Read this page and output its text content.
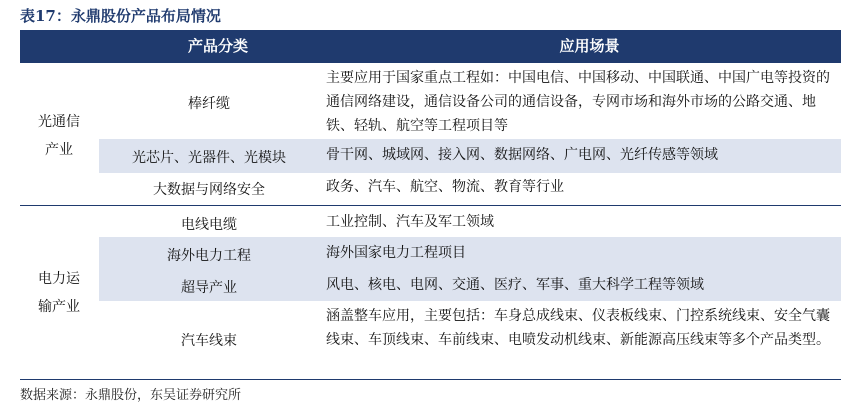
表17：永鼎股份产品布局情况
产品分类	应用场景
光通信
产业
电力运
输产业
棒纤缆
光芯片、光器件、光模块
大数据与网络安全
电线电缆
海外电力工程
超导产业
汽车线束
主要应用于国家重点工程如：中国电信、中国移动、中国联通、中国广电等投资的通信网络建设，通信设备公司的通信设备，专网市场和海外市场的公路交通、地铁、轻轨、航空等工程项目等
骨干网、城域网、接入网、数据网络、广电网、光纤传感等领域
政务、汽车、航空、物流、教育等行业
工业控制、汽车及军工领域
海外国家电力工程项目
风电、核电、电网、交通、医疗、军事、重大科学工程等领域
涵盖整车应用，主要包括：车身总成线束、仪表板线束、门控系统线束、安全气囊线束、车顶线束、车前线束、电喷发动机线束、新能源高压线束等多个产品类型。
数据来源：永鼎股份，东吴证券研究所
